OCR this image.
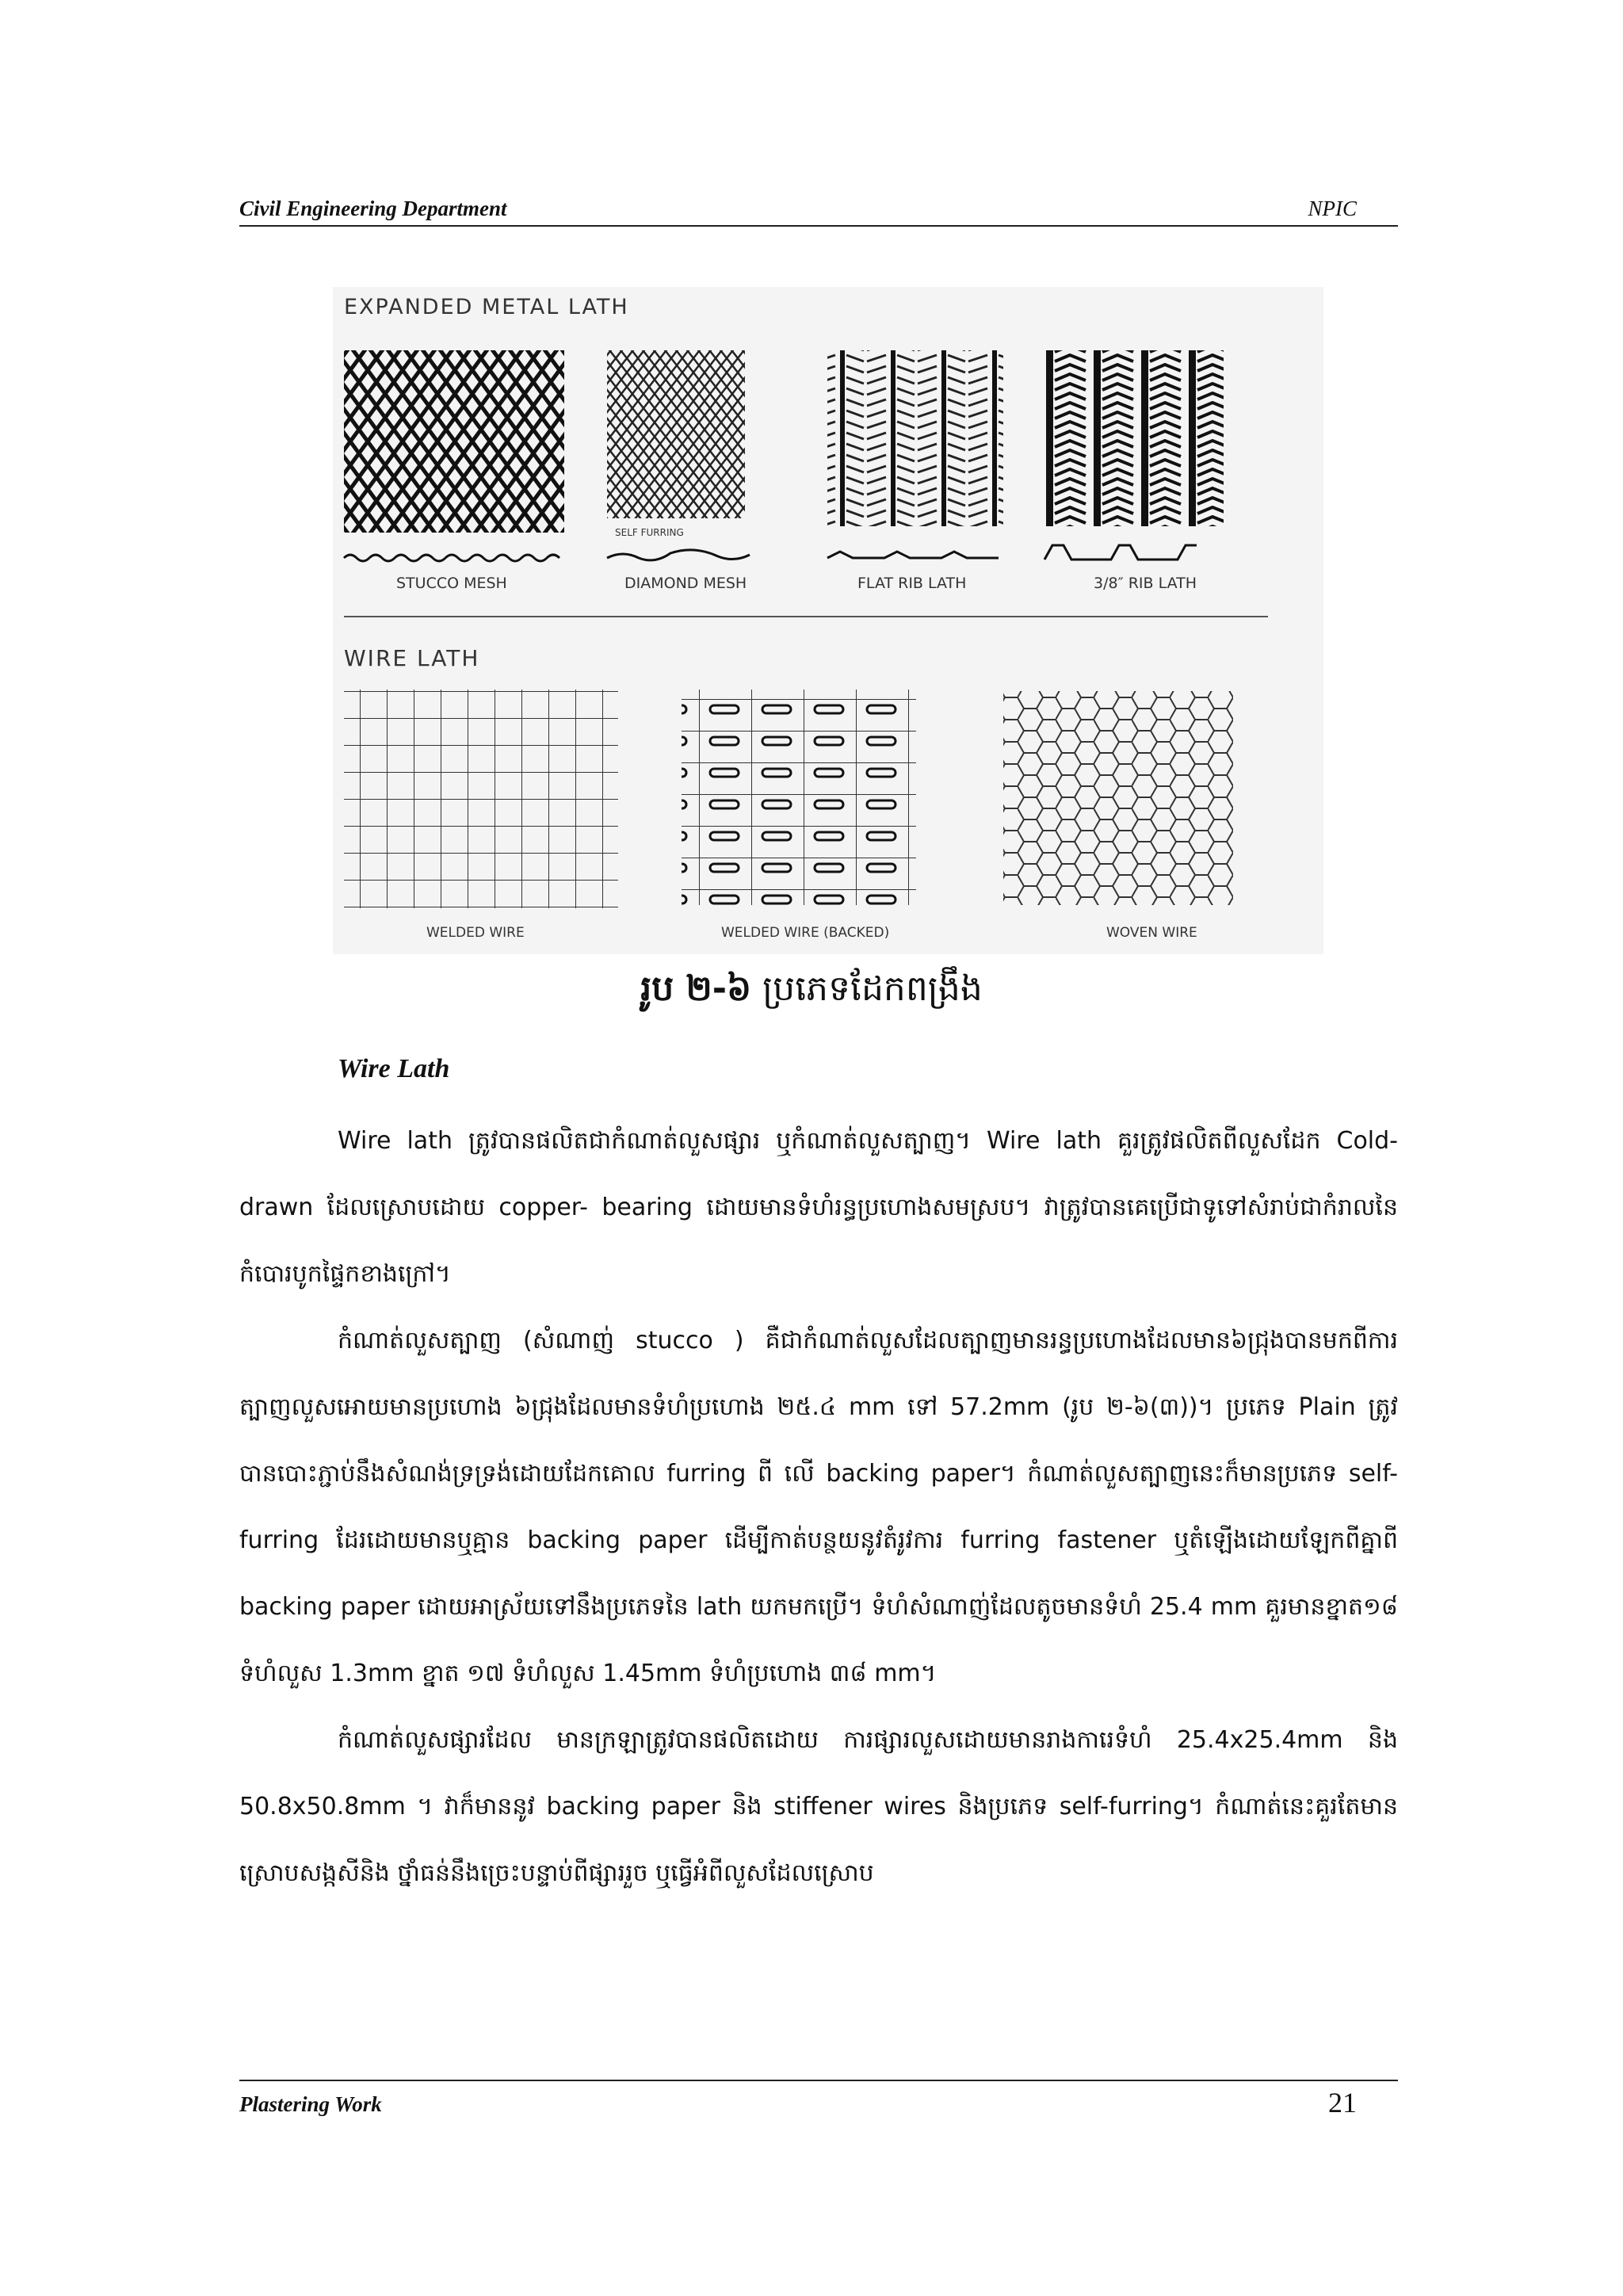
Civil Engineering Department	NPIC
EXPANDED METAL LATH
SELF FURRING
STUCCO MESH	DIAMOND MESH	FLAT RIB LATH	3/8″ RIB LATH
WIRE LATH
WELDED WIRE	WELDED WIRE (BACKED)	WOVEN WIRE
រូប ២-៦ ប្រភេទដែកពង្រឹង
Wire Lath

Wire lath ត្រូវបានផលិតជាកំណាត់លួសផ្សារ ឬកំណាត់លួសត្បាញ។ Wire lath គួរត្រូវផលិតពីលួសដែក Cold-drawn ដែលស្រោបដោយ copper- bearing ដោយមានទំហំរន្ធប្រហោងសមស្រប។ វាត្រូវបានគេប្រើជាទូទៅសំរាប់ជាកំរាលនៃកំបោរបូកផ្ទៃកខាងក្រៅ។

កំណាត់លួសត្បាញ (សំណាញ់ stucco ) គឺជាកំណាត់លួសដែលត្បាញមានរន្ធប្រហោងដែលមាន៦ជ្រុងបានមកពីការត្បាញលួសអោយមានប្រហោង ៦ជ្រុងដែលមានទំហំប្រហោង ២៥.៤ mm ទៅ 57.2mm (រូប ២-៦(៣))។ ប្រភេទ Plain ត្រូវបានបោះភ្ជាប់នឹងសំណង់ទ្រទ្រង់ដោយដែកគោល furring ពី លើ backing paper។ កំណាត់លួសត្បាញនេះក៏មានប្រភេទ self-furring ដែរដោយមានឬគ្មាន backing paper ដើម្បីកាត់បន្ថយនូវតំរូវការ furring fastener ឬតំឡើងដោយឡែកពីគ្នាពី backing paper ដោយអាស្រ័យទៅនឹងប្រភេទនៃ lath យកមកប្រើ។ ទំហំសំណាញ់ដែលតូចមានទំហំ 25.4 mm គួរមានខ្នាត១៨ ទំហំលួស 1.3mm ខ្នាត ១៧ ទំហំលួស 1.45mm ទំហំប្រហោង ៣៨ mm។

កំណាត់លួសផ្សារដែល មានក្រឡាត្រូវបានផលិតដោយ ការផ្សារលួសដោយមានរាងការេទំហំ 25.4x25.4mm និង 50.8x50.8mm ។ វាក៏មាននូវ backing paper និង stiffener wires និងប្រភេទ self-furring។ កំណាត់នេះគួរតែមានស្រោបសង្កសីនិង ថ្នាំធន់នឹងច្រេះបន្ទាប់ពីផ្សាររួច ឬធ្វើអំពីលួសដែលស្រោប

Plastering Work	21
